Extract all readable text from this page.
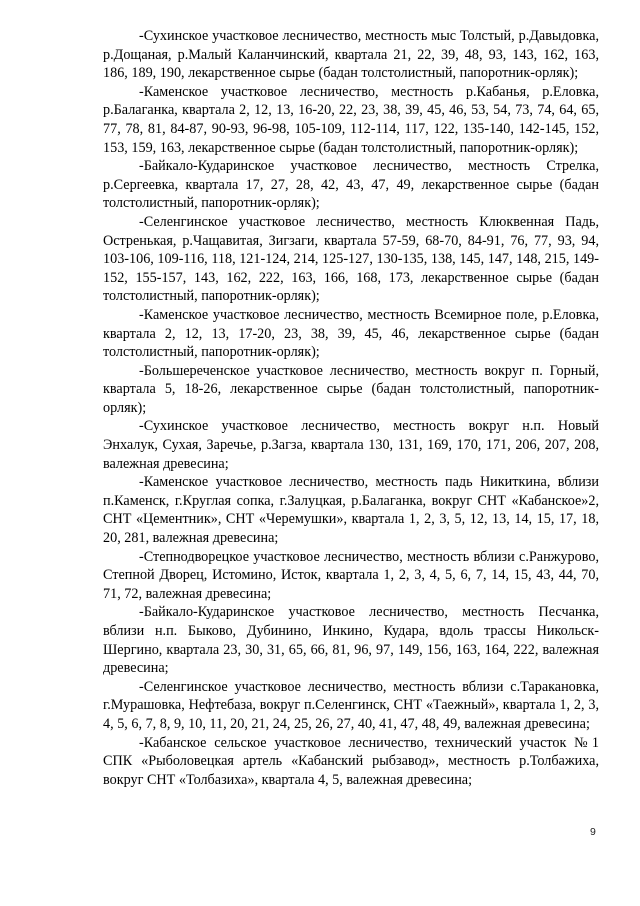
-Сухинское участковое лесничество, местность мыс Толстый, р.Давыдовка, р.Дощаная, р.Малый Каланчинский, квартала 21, 22, 39, 48, 93, 143, 162, 163, 186, 189, 190, лекарственное сырье (бадан толстолистный, папоротник-орляк);

-Каменское участковое лесничество, местность р.Кабанья, р.Еловка, р.Балаганка, квартала 2, 12, 13, 16-20, 22, 23, 38, 39, 45, 46, 53, 54, 73, 74, 64, 65, 77, 78, 81, 84-87, 90-93, 96-98, 105-109, 112-114, 117, 122, 135-140, 142-145, 152, 153, 159, 163, лекарственное сырье (бадан толстолистный, папоротник-орляк);

-Байкало-Кударинское участковое лесничество, местность Стрелка, р.Сергеевка, квартала 17, 27, 28, 42, 43, 47, 49, лекарственное сырье (бадан толстолистный, папоротник-орляк);

-Селенгинское участковое лесничество, местность Клюквенная Падь, Остренькая, р.Чащавитая, Зигзаги, квартала 57-59, 68-70, 84-91, 76, 77, 93, 94, 103-106, 109-116, 118, 121-124, 214, 125-127, 130-135, 138, 145, 147, 148, 215, 149-152, 155-157, 143, 162, 222, 163, 166, 168, 173, лекарственное сырье (бадан толстолистный, папоротник-орляк);

-Каменское участковое лесничество, местность Всемирное поле, р.Еловка, квартала 2, 12, 13, 17-20, 23, 38, 39, 45, 46, лекарственное сырье (бадан толстолистный, папоротник-орляк);

-Большереченское участковое лесничество, местность вокруг п. Горный, квартала 5, 18-26, лекарственное сырье (бадан толстолистный, папоротник-орляк);

-Сухинское участковое лесничество, местность вокруг н.п. Новый Энхалук, Сухая, Заречье, р.Загза, квартала 130, 131, 169, 170, 171, 206, 207, 208, валежная древесина;

-Каменское участковое лесничество, местность падь Никиткина, вблизи п.Каменск, г.Круглая сопка, г.Залуцкая, р.Балаганка, вокруг СНТ «Кабанское»2, СНТ «Цементник», СНТ «Черемушки», квартала 1, 2, 3, 5, 12, 13, 14, 15, 17, 18, 20, 281, валежная древесина;

-Степнодворецкое участковое лесничество, местность вблизи с.Ранжурово, Степной Дворец, Истомино, Исток, квартала 1, 2, 3, 4, 5, 6, 7, 14, 15, 43, 44, 70, 71, 72, валежная древесина;

-Байкало-Кударинское участковое лесничество, местность Песчанка, вблизи н.п. Быково, Дубинино, Инкино, Кудара, вдоль трассы Никольск-Шергино, квартала 23, 30, 31, 65, 66, 81, 96, 97, 149, 156, 163, 164, 222, валежная древесина;

-Селенгинское участковое лесничество, местность вблизи с.Таракановка, г.Мурашовка, Нефтебаза, вокруг п.Селенгинск, СНТ «Таежный», квартала 1, 2, 3, 4, 5, 6, 7, 8, 9, 10, 11, 20, 21, 24, 25, 26, 27, 40, 41, 47, 48, 49, валежная древесина;

-Кабанское сельское участковое лесничество, технический участок №1 СПК «Рыболовецкая артель «Кабанский рыбзавод», местность р.Толбажиха, вокруг СНТ «Толбазиха», квартала 4, 5, валежная древесина;

9
